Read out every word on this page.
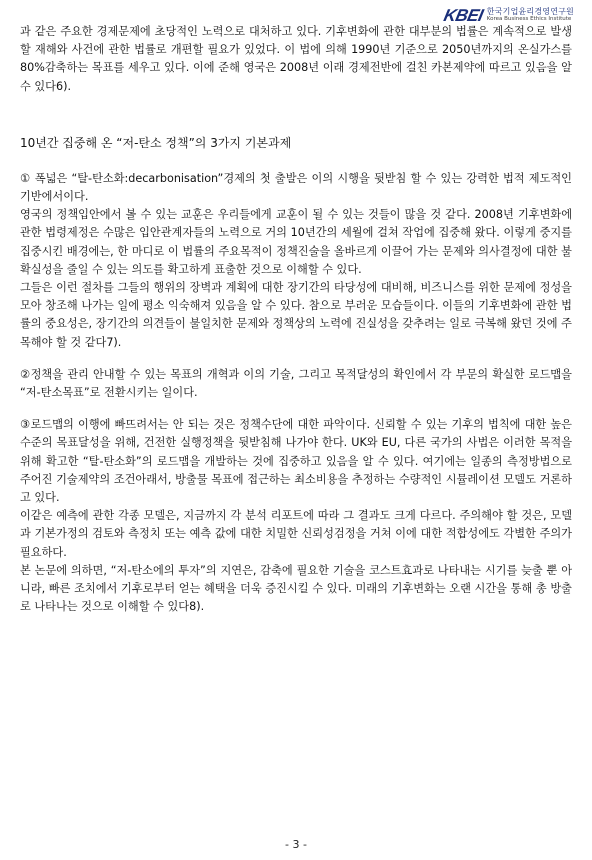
KBEI 한국기업윤리경영연구원
Korea Business Ethics Institute

과 같은 주요한 경제문제에 초당적인 노력으로 대처하고 있다. 기후변화에 관한 대부분의 법률은 계속적으로 발생할 재해와 사건에 관한 법률로 개편할 필요가 있었다. 이 법에 의해 1990년 기준으로 2050년까지의 온실가스를 80%감축하는 목표를 세우고 있다. 이에 준해 영국은 2008년 이래 경제전반에 걸친 카본제약에 따르고 있음을 알 수 있다6).

10년간 집중해 온 “저-탄소 정책”의 3가지 기본과제

① 폭넓은 “탈-탄소화:decarbonisation”경제의 첫 출발은 이의 시행을 뒷받침 할 수 있는 강력한 법적 제도적인 기반에서이다.

영국의 정책입안에서 볼 수 있는 교훈은 우리들에게 교훈이 될 수 있는 것들이 많을 것 같다. 2008년 기후변화에 관한 법령제정은 수많은 입안관계자들의 노력으로 거의 10년간의 세월에 걸쳐 작업에 집중해 왔다. 이렇게 중지를 집중시킨 배경에는, 한 마디로 이 법률의 주요목적이 정책진술을 올바르게 이끌어 가는 문제와 의사결정에 대한 불확실성을 줄일 수 있는 의도를 확고하게 표출한 것으로 이해할 수 있다.

그들은 이런 절차를 그들의 행위의 장벽과 계획에 대한 장기간의 타당성에 대비해, 비즈니스를 위한 문제에 정성을 모아 창조해 나가는 일에 평소 익숙해져 있음을 알 수 있다. 참으로 부러운 모습들이다. 이들의 기후변화에 관한 법률의 중요성은, 장기간의 의견들이 불일치한 문제와 정책상의 노력에 진실성을 갖추려는 일로 극복해 왔던 것에 주목해야 할 것 같다7).

②정책을 관리 안내할 수 있는 목표의 개혁과 이의 기술, 그리고 목적달성의 확인에서 각 부문의 확실한 로드맵을 “저-탄소목표”로 전환시키는 일이다.

③로드맵의 이행에 빠뜨려서는 안 되는 것은 정책수단에 대한 파악이다. 신뢰할 수 있는 기후의 법칙에 대한 높은 수준의 목표달성을 위해, 건전한 실행정책을 뒷받침해 나가야 한다. UK와 EU, 다른 국가의 사법은 이러한 목적을 위해 확고한 “탈-탄소화”의 로드맵을 개발하는 것에 집중하고 있음을 알 수 있다. 여기에는 일종의 측정방법으로 주어진 기술제약의 조건아래서, 방출물 목표에 접근하는 최소비용을 추정하는 수량적인 시뮬레이션 모델도 거론하고 있다.

이같은 예측에 관한 각종 모델은, 지금까지 각 분석 리포트에 따라 그 결과도 크게 다르다. 주의해야 할 것은, 모델과 기본가정의 검토와 측정치 또는 예측 값에 대한 치밀한 신뢰성검정을 거쳐 이에 대한 적합성에도 각별한 주의가 필요하다.

본 논문에 의하면, “저-탄소에의 투자”의 지연은, 감축에 필요한 기술을 코스트효과로 나타내는 시기를 늦출 뿐 아니라, 빠른 조치에서 기후로부터 얻는 혜택을 더욱 증진시킬 수 있다. 미래의 기후변화는 오랜 시간을 통해 총 방출로 나타나는 것으로 이해할 수 있다8).

- 3 -
